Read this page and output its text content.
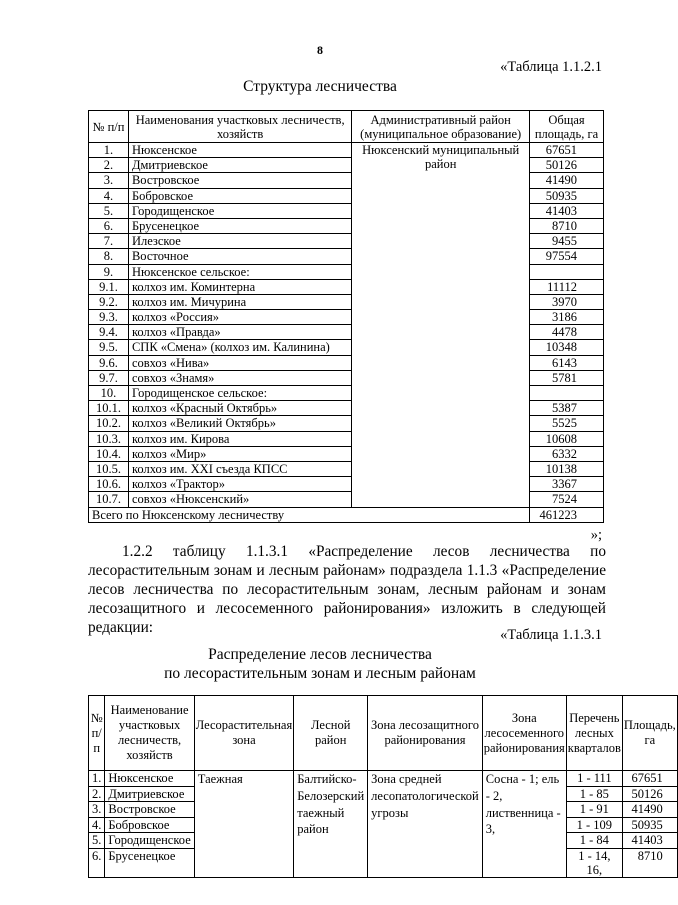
8
«Таблица 1.1.2.1
Структура лесничества
№ п/п	Наименования участковых лесничеств, хозяйств	Административный район (муниципальное образование)	Общая площадь, га
1.	Нюксенское	Нюксенский муниципальный район	67651
2.	Дмитриевское		50126
3.	Востровское		41490
4.	Бобровское		50935
5.	Городищенское		41403
6.	Брусенецкое		8710
7.	Илезское		9455
8.	Восточное		97554
9.	Нюксенское сельское:		
9.1.	колхоз им. Коминтерна		11112
9.2.	колхоз им. Мичурина		3970
9.3.	колхоз «Россия»		3186
9.4.	колхоз «Правда»		4478
9.5.	СПК «Смена» (колхоз им. Калинина)		10348
9.6.	совхоз «Нива»		6143
9.7.	совхоз «Знамя»		5781
10.	Городищенское сельское:		
10.1.	колхоз «Красный Октябрь»		5387
10.2.	колхоз «Великий Октябрь»		5525
10.3.	колхоз им. Кирова		10608
10.4.	колхоз «Мир»		6332
10.5.	колхоз им. XXI съезда КПСС		10138
10.6.	колхоз «Трактор»		3367
10.7.	совхоз «Нюксенский»		7524
Всего по Нюксенскому лесничеству			461223
»;
1.2.2 таблицу 1.1.3.1 «Распределение лесов лесничества по лесорастительным зонам и лесным районам» подраздела 1.1.3 «Распределение лесов лесничества по лесорастительным зонам, лесным районам и зонам лесозащитного и лесосеменного районирования» изложить в следующей редакции:	«Таблица 1.1.3.1
Распределение лесов лесничества
по лесорастительным зонам и лесным районам
№ п/п	Наименование участковых лесничеств, хозяйств	Лесорастительная зона	Лесной район	Зона лесозащитного районирования	Зона лесосеменного районирования	Перечень лесных кварталов	Площадь, га
1.	Нюксенское	Таежная	Балтийско-Белозерский таежный район	Зона средней лесопатологической угрозы	Сосна - 1; ель - 2, лиственница - 3,	1 - 111	67651
2.	Дмитриевское					1 - 85	50126
3.	Востровское					1 - 91	41490
4.	Бобровское					1 - 109	50935
5.	Городищенское					1 - 84	41403
6.	Брусенецкое					1 - 14, 16,	8710
